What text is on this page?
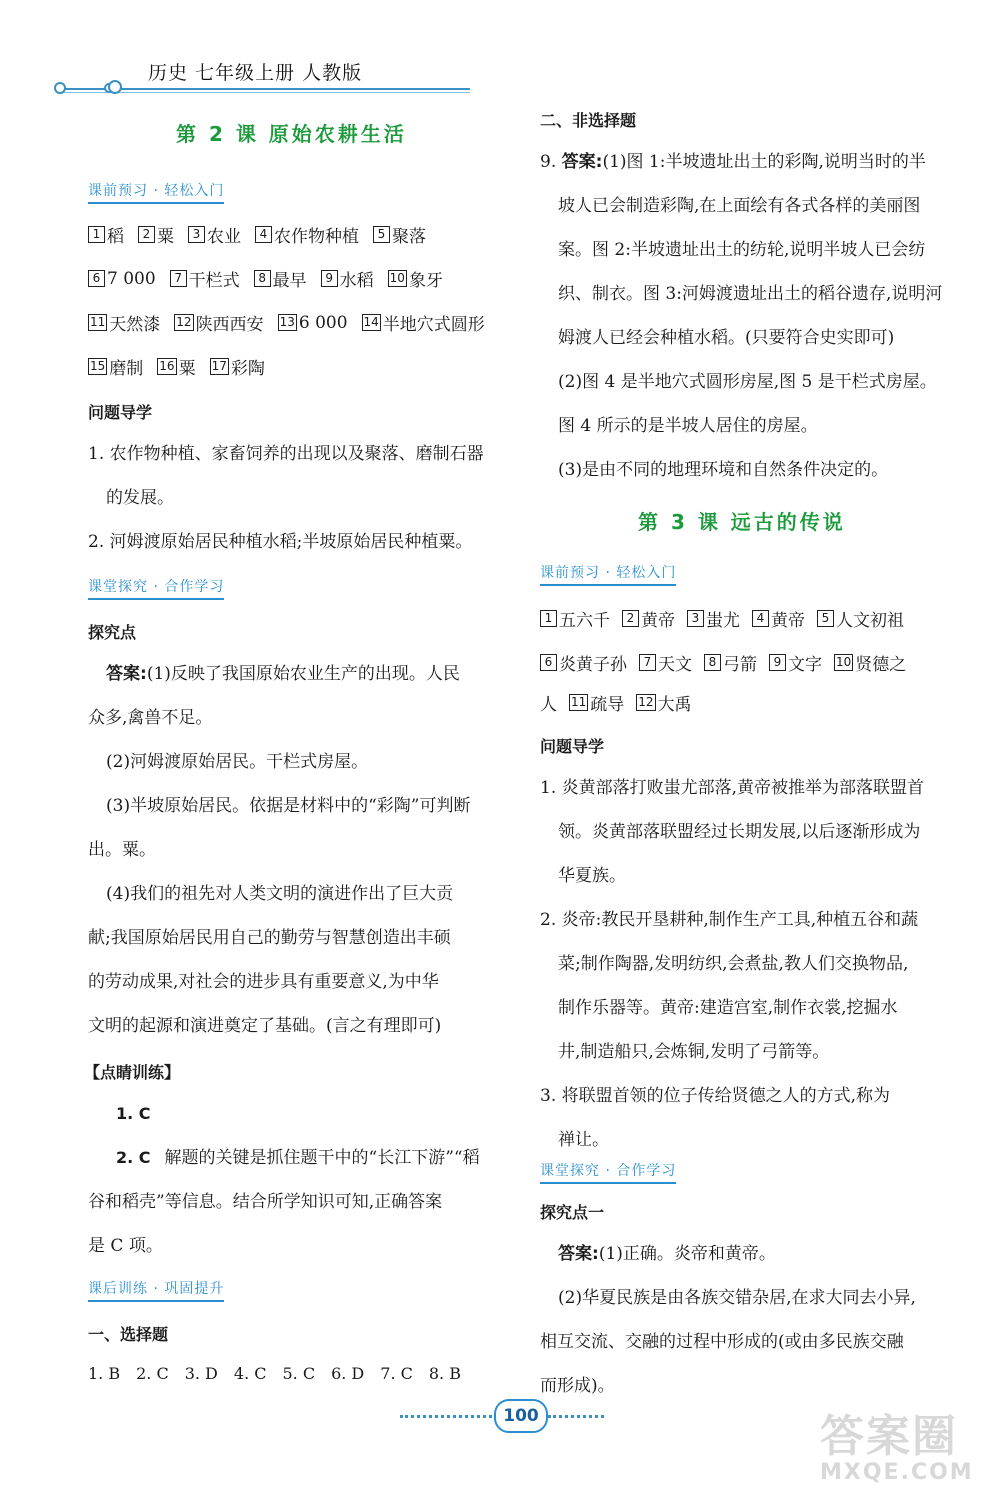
历史 七年级上册 人教版
第 2 课 原始农耕生活
课前预习 · 轻松入门
1 稻	2 粟	3 农业	4 农作物种植	5 聚落
6 7 000	7 干栏式	8 最早	9 水稻 10 象牙
11 天然漆 12 陕西西安 13 6 000 14 半地穴式圆形
15 磨制 16 粟 17 彩陶
问题导学
1. 农作物种植、家畜饲养的出现以及聚落、磨制石器
的发展。
2. 河姆渡原始居民种植水稻;半坡原始居民种植粟。
课堂探究 · 合作学习
探究点
答案:(1)反映了我国原始农业生产的出现。人民
众多,禽兽不足。
(2)河姆渡原始居民。干栏式房屋。
(3)半坡原始居民。依据是材料中的“彩陶”可判断
出。粟。
(4)我们的祖先对人类文明的演进作出了巨大贡
献;我国原始居民用自己的勤劳与智慧创造出丰硕
的劳动成果,对社会的进步具有重要意义,为中华
文明的起源和演进奠定了基础。(言之有理即可)
【点睛训练】
1. C
2. C 解题的关键是抓住题干中的“长江下游”“稻
谷和稻壳”等信息。结合所学知识可知,正确答案
是 C 项。
课后训练 · 巩固提升
一、选择题
1. B 2. C 3. D 4. C 5. C 6. D 7. C 8. B
二、非选择题
9. 答案:(1)图 1:半坡遗址出土的彩陶,说明当时的半
坡人已会制造彩陶,在上面绘有各式各样的美丽图
案。图 2:半坡遗址出土的纺轮,说明半坡人已会纺
织、制衣。图 3:河姆渡遗址出土的稻谷遗存,说明河
姆渡人已经会种植水稻。(只要符合史实即可)
(2)图 4 是半地穴式圆形房屋,图 5 是干栏式房屋。
图 4 所示的是半坡人居住的房屋。
(3)是由不同的地理环境和自然条件决定的。
第 3 课 远古的传说
课前预习 · 轻松入门
1 五六千	2 黄帝	3 蚩尤	4 黄帝	5 人文初祖
6 炎黄子孙	7 天文	8 弓箭	9 文字 10 贤德之
人 11 疏导 12 大禹
问题导学
1. 炎黄部落打败蚩尤部落,黄帝被推举为部落联盟首
领。炎黄部落联盟经过长期发展,以后逐渐形成为
华夏族。
2. 炎帝:教民开垦耕种,制作生产工具,种植五谷和蔬
菜;制作陶器,发明纺织,会煮盐,教人们交换物品,
制作乐器等。黄帝:建造宫室,制作衣裳,挖掘水
井,制造船只,会炼铜,发明了弓箭等。
3. 将联盟首领的位子传给贤德之人的方式,称为
禅让。
课堂探究 · 合作学习
探究点一
答案:(1)正确。炎帝和黄帝。
(2)华夏民族是由各族交错杂居,在求大同去小异,
相互交流、交融的过程中形成的(或由多民族交融
而形成)。
100	答案圈
MXQE.COM
